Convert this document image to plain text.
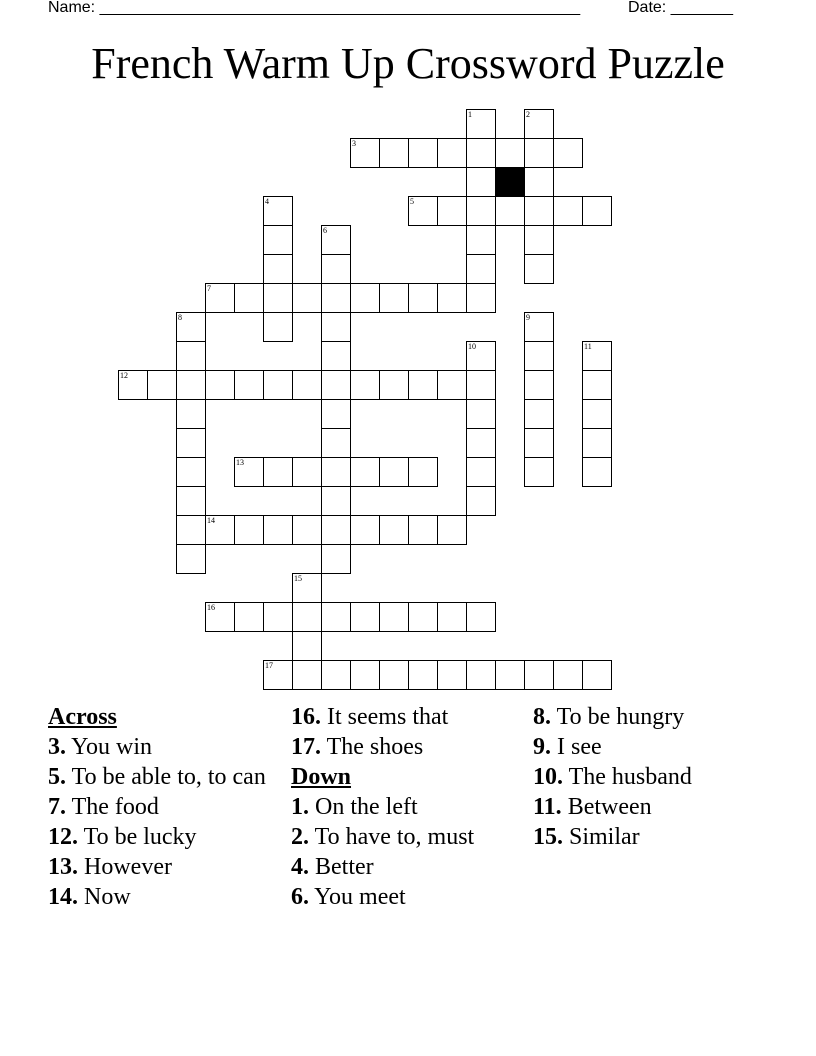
Name: ______________________________________________________	Date: _______
French Warm Up Crossword Puzzle
1	2
3
4	5
6
7
8	9
10	11
12
13
14
15
16
17

Across

3. You win

5. To be able to, to can

7. The food

12. To be lucky

13. However

14. Now

16. It seems that

17. The shoes

Down

1. On the left

2. To have to, must

4. Better

6. You meet

8. To be hungry

9. I see

10. The husband

11. Between

15. Similar
